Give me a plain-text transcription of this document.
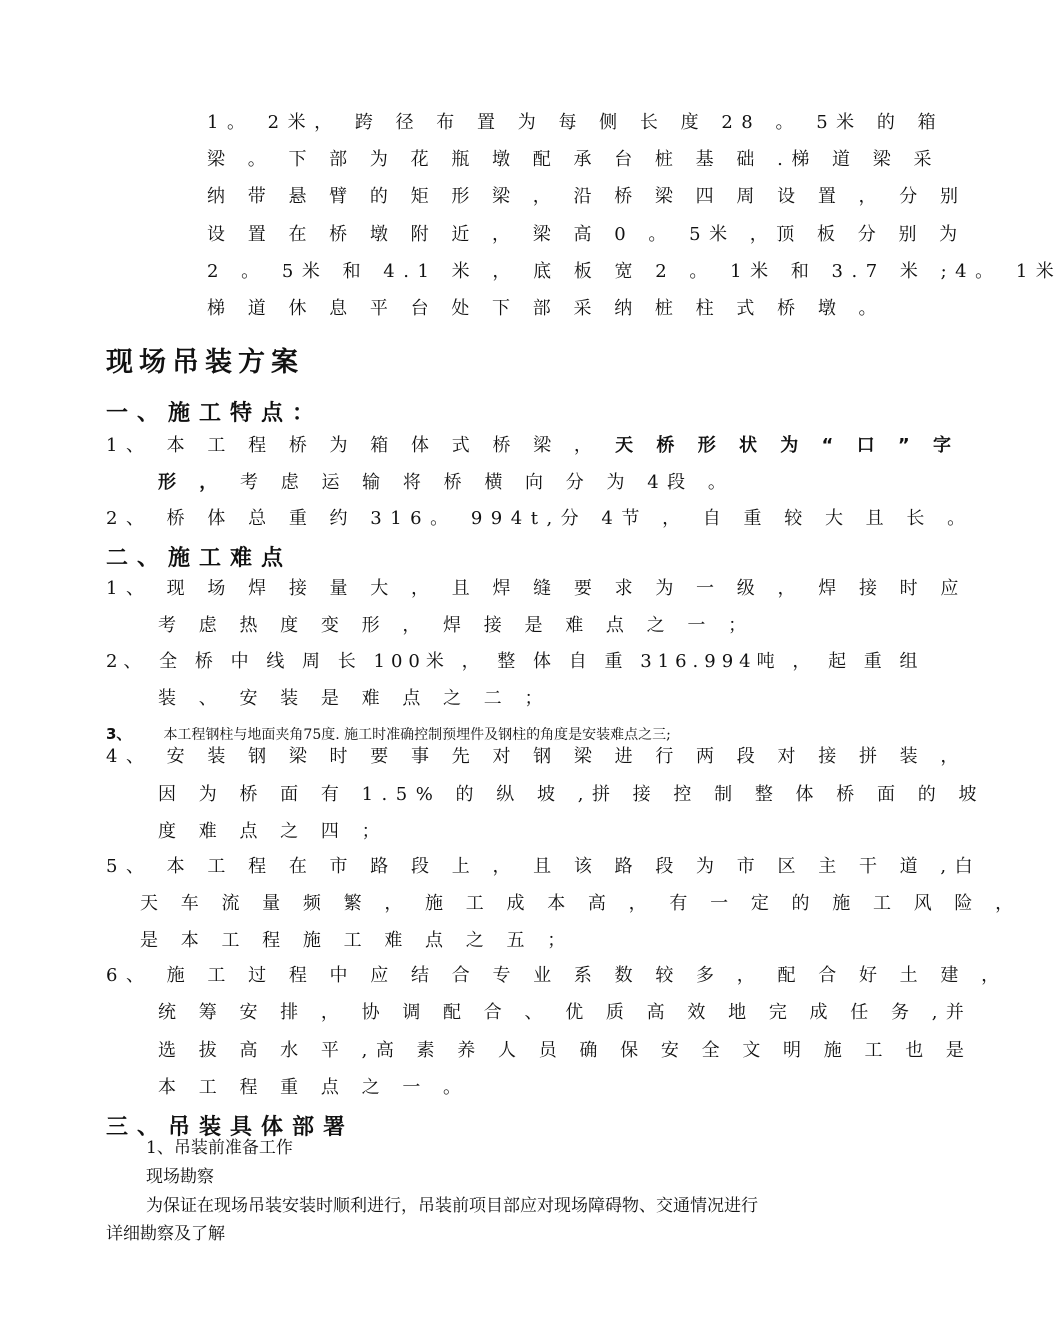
1。 2米， 跨 径 布 置 为 每 侧 长 度 28 。 5米 的 箱
梁 。 下 部 为 花 瓶 墩 配 承 台 桩 基 础 .梯 道 梁 采
纳 带 悬 臂 的 矩 形 梁 ， 沿 桥 梁 四 周 设 置 ， 分 别
设 置 在 桥 墩 附 近 ， 梁 高 0 。 5米 ，顶 板 分 别 为
2 。 5米 和 4.1 米 ， 底 板 宽 2 。 1米 和 3.7 米 ;4。 1米
梯 道 休 息 平 台 处 下 部 采 纳 桩 柱 式 桥 墩 。
现场吊装方案
一、施工特点：
1、 本 工 程 桥 为 箱 体 式 桥 梁 ， 天 桥 形 状 为 “ 口 ” 字
形 ， 考 虑 运 输 将 桥 横 向 分 为 4段 。
2、 桥 体 总 重 约 316。 994t,分 4节 ， 自 重 较 大 且 长 。
二、施工难点
1、 现 场 焊 接 量 大 ， 且 焊 缝 要 求 为 一 级 ， 焊 接 时 应
考 虑 热 度 变 形 ， 焊 接 是 难 点 之 一 ；
2、 全 桥 中 线 周 长 100米 ， 整 体 自 重 316.994吨 ， 起 重 组
装 、 安 装 是 难 点 之 二 ；
3、 本工程钢柱与地面夹角75度. 施工时准确控制预埋件及钢柱的角度是安装难点之三;
4、 安 装 钢 梁 时 要 事 先 对 钢 梁 进 行 两 段 对 接 拼 装 ，
因 为 桥 面 有 1.5% 的 纵 坡 ,拼 接 控 制 整 体 桥 面 的 坡
度 难 点 之 四 ；
5、 本 工 程 在 市 路 段 上 ， 且 该 路 段 为 市 区 主 干 道 ,白
天 车 流 量 频 繁 ， 施 工 成 本 高 ， 有 一 定 的 施 工 风 险 ，
是 本 工 程 施 工 难 点 之 五 ；
6、 施 工 过 程 中 应 结 合 专 业 系 数 较 多 ， 配 合 好 土 建 ，
统 筹 安 排 ， 协 调 配 合 、 优 质 高 效 地 完 成 任 务 ,并
选 拔 高 水 平 ,高 素 养 人 员 确 保 安 全 文 明 施 工 也 是
本 工 程 重 点 之 一 。
三、吊装具体部署
1、吊装前准备工作
现场勘察
为保证在现场吊装安装时顺利进行，吊装前项目部应对现场障碍物、交通情况进行
详细勘察及了解
